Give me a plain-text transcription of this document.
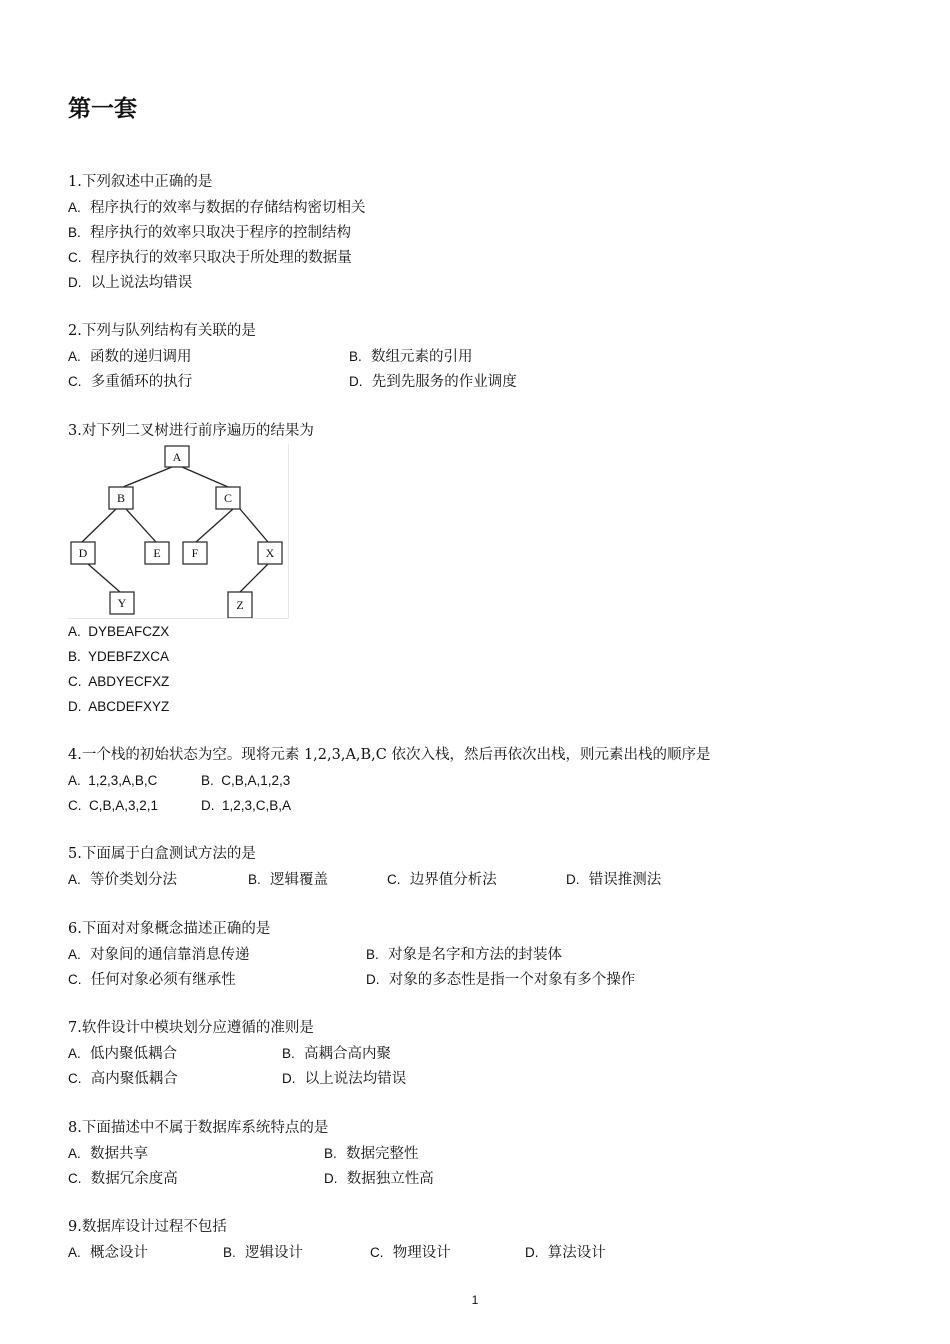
第一套
1.下列叙述中正确的是
A. 程序执行的效率与数据的存储结构密切相关
B. 程序执行的效率只取决于程序的控制结构
C. 程序执行的效率只取决于所处理的数据量
D. 以上说法均错误
2.下列与队列结构有关联的是
A. 函数的递归调用	B. 数组元素的引用
C. 多重循环的执行	D. 先到先服务的作业调度
3.对下列二叉树进行前序遍历的结果为
A
B	C
D	E	F	X
Y	Z
A. DYBEAFCZX
B. YDEBFZXCA
C. ABDYECFXZ
D. ABCDEFXYZ
4.一个栈的初始状态为空。现将元素 1,2,3,A,B,C 依次入栈，然后再依次出栈，则元素出栈的顺序是
A. 1,2,3,A,B,C	B. C,B,A,1,2,3
C. C,B,A,3,2,1	D. 1,2,3,C,B,A
5.下面属于白盒测试方法的是
A. 等价类划分法	B. 逻辑覆盖	C. 边界值分析法	D. 错误推测法
6.下面对对象概念描述正确的是
A. 对象间的通信靠消息传递	B. 对象是名字和方法的封装体
C. 任何对象必须有继承性	D. 对象的多态性是指一个对象有多个操作
7.软件设计中模块划分应遵循的准则是
A. 低内聚低耦合	B. 高耦合高内聚
C. 高内聚低耦合	D. 以上说法均错误
8.下面描述中不属于数据库系统特点的是
A. 数据共享	B. 数据完整性
C. 数据冗余度高	D. 数据独立性高
9.数据库设计过程不包括
A. 概念设计	B. 逻辑设计	C. 物理设计	D. 算法设计
1
